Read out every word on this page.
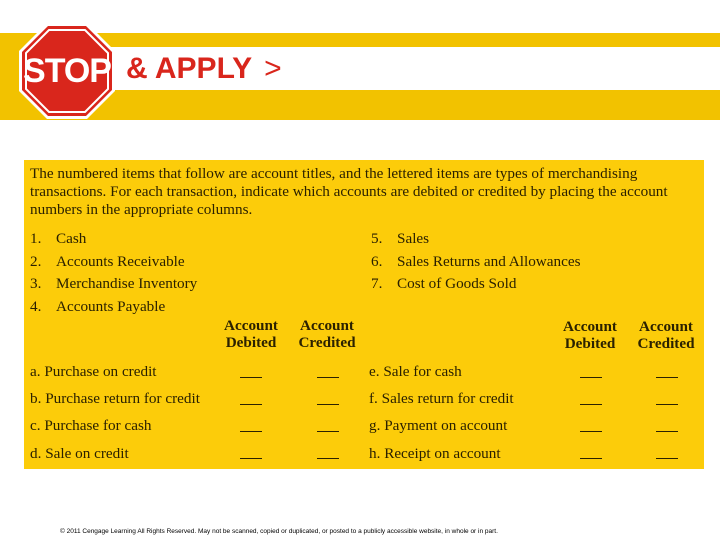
STOP & APPLY >

The numbered items that follow are account titles, and the lettered items are types of merchandising transactions. For each transaction, indicate which accounts are debited or credited by placing the account numbers in the appropriate columns.

1. Cash
2. Accounts Receivable
3. Merchandise Inventory
4. Accounts Payable
5. Sales
6. Sales Returns and Allowances
7. Cost of Goods Sold
Account Debited
Account Credited
Account Debited
Account Credited
a. Purchase on credit
b. Purchase return for credit
c. Purchase for cash
d. Sale on credit
e. Sale for cash
f. Sales return for credit
g. Payment on account
h. Receipt on account
© 2011 Cengage Learning All Rights Reserved. May not be scanned, copied or duplicated, or posted to a publicly accessible website, in whole or in part.
